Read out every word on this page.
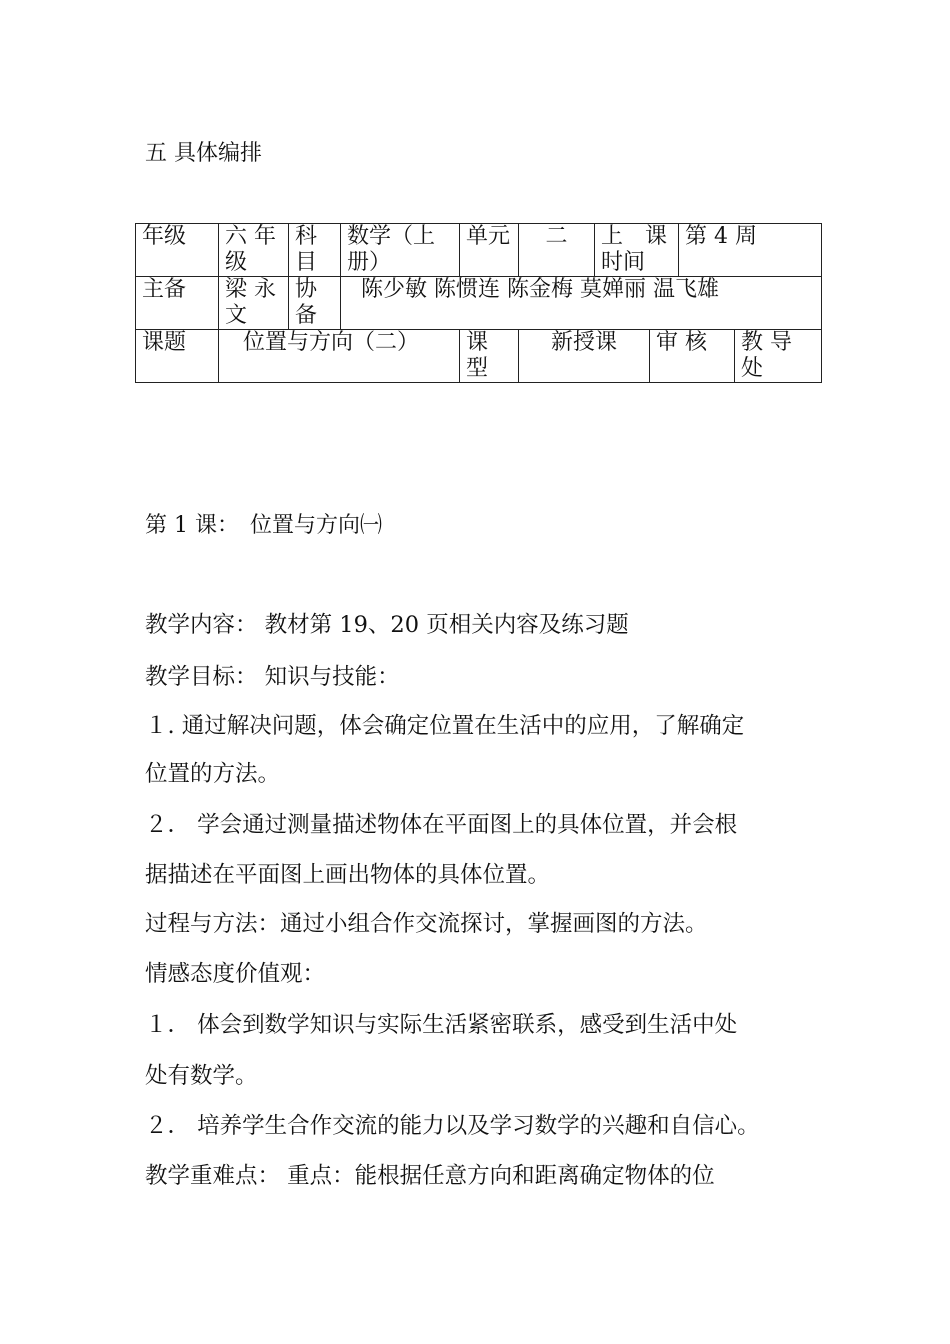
五 具体编排
年级	六 年 级	科 目	数学（上册）	单元	二	上　课 时间		第 4 周	
主备	梁 永 文	协 备	陈少敏 陈惯连 陈金梅 莫婵丽 温飞雄						
课题	位置与方向（二）			课 型	新授课		审 核		教 导 处
第 1 课：　位置与方向㈠
教学内容： 教材第 19、20 页相关内容及练习题
教学目标： 知识与技能：
１. 通过解决问题，体会确定位置在生活中的应用，了解确定
位置的方法。
２． 学会通过测量描述物体在平面图上的具体位置，并会根
据描述在平面图上画出物体的具体位置。
过程与方法：通过小组合作交流探讨，掌握画图的方法。
情感态度价值观：
１． 体会到数学知识与实际生活紧密联系，感受到生活中处
处有数学。
２． 培养学生合作交流的能力以及学习数学的兴趣和自信心。
教学重难点： 重点：能根据任意方向和距离确定物体的位
